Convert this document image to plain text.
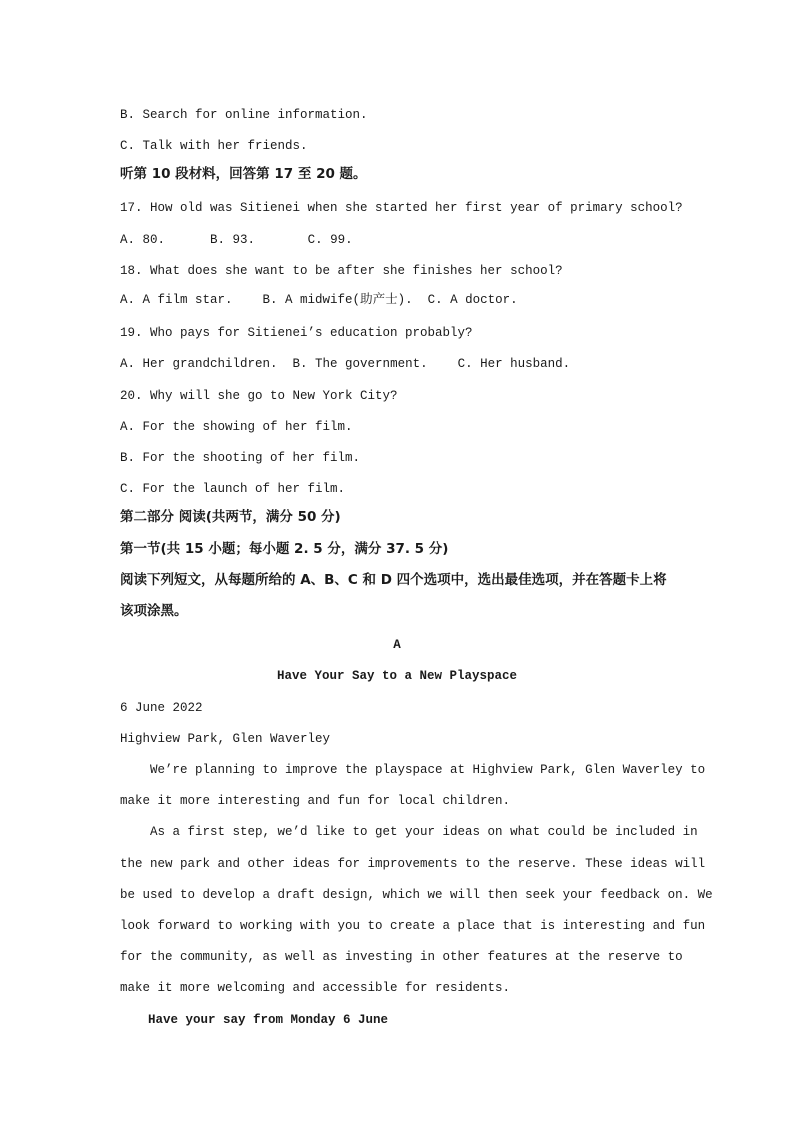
B. Search for online information.
C. Talk with her friends.
听第 10 段材料，回答第 17 至 20 题。
17. How old was Sitienei when she started her first year of primary school?
A. 80.	B. 93.	C. 99.
18. What does she want to be after she finishes her school?
A. A film star. B. A midwife(助产士). C. A doctor.
19. Who pays for Sitienei’s education probably?
A. Her grandchildren. B. The government. C. Her husband.
20. Why will she go to New York City?
A. For the showing of her film.
B. For the shooting of her film.
C. For the launch of her film.
第二部分 阅读(共两节，满分 50 分)
第一节(共 15 小题；每小题 2. 5 分，满分 37. 5 分)
阅读下列短文，从每题所给的 A、B、C 和 D 四个选项中，选出最佳选项，并在答题卡上将
该项涂黑。
A
Have Your Say to a New Playspace
6 June 2022
Highview Park, Glen Waverley
We’re planning to improve the playspace at Highview Park, Glen Waverley to
make it more interesting and fun for local children.
As a first step, we’d like to get your ideas on what could be included in
the new park and other ideas for improvements to the reserve. These ideas will
be used to develop a draft design, which we will then seek your feedback on. We
look forward to working with you to create a place that is interesting and fun
for the community, as well as investing in other features at the reserve to
make it more welcoming and accessible for residents.
Have your say from Monday 6 June
